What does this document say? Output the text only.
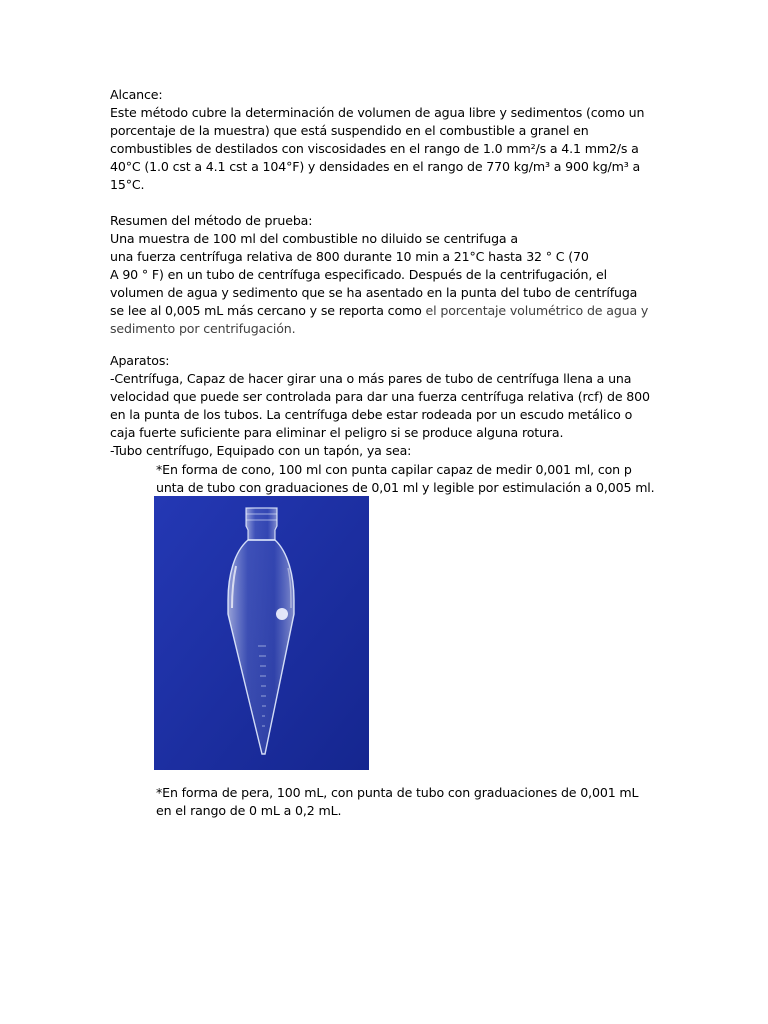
Alcance:
Este método cubre la determinación de volumen de agua libre y sedimentos (como un
porcentaje de la muestra) que está suspendido en el combustible a granel en
combustibles de destilados con viscosidades en el rango de 1.0 mm²/s a 4.1 mm2/s a
40°C (1.0 cst a 4.1 cst a 104°F) y densidades en el rango de 770 kg/m³ a 900 kg/m³ a
15°C.
Resumen del método de prueba:
Una muestra de 100 ml del combustible no diluido se centrifuga a
una fuerza centrífuga relativa de 800 durante 10 min a 21°C hasta 32 ° C (70
A 90 ° F) en un tubo de centrífuga especificado. Después de la centrifugación, el
volumen de agua y sedimento que se ha asentado en la punta del tubo de centrífuga
se lee al 0,005 mL más cercano y se reporta como el porcentaje volumétrico de agua y
sedimento por centrifugación.
Aparatos:
-Centrífuga, Capaz de hacer girar una o más pares de tubo de centrífuga llena a una
velocidad que puede ser controlada para dar una fuerza centrífuga relativa (rcf) de 800
en la punta de los tubos. La centrífuga debe estar rodeada por un escudo metálico o
caja fuerte suficiente para eliminar el peligro si se produce alguna rotura.
-Tubo centrífugo, Equipado con un tapón, ya sea:
*En forma de cono, 100 ml con punta capilar capaz de medir 0,001 ml, con p
unta de tubo con graduaciones de 0,01 ml y legible por estimulación a 0,005 ml.
*En forma de pera, 100 mL, con punta de tubo con graduaciones de 0,001 mL
en el rango de 0 mL a 0,2 mL.
